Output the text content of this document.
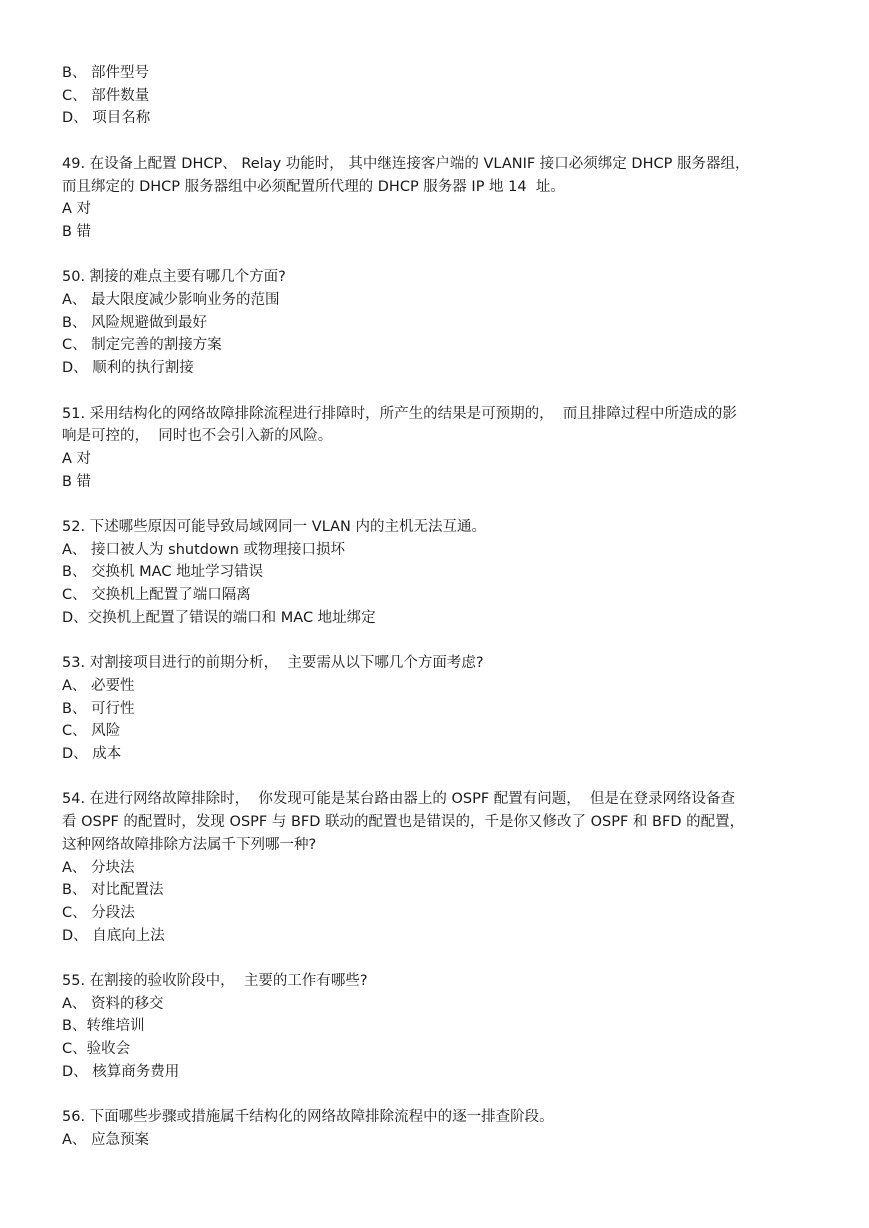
B、 部件型号
C、 部件数量
D、 项目名称
49. 在设备上配置 DHCP、 Relay 功能时， 其中继连接客户端的 VLANIF 接口必须绑定 DHCP 服务器组，
而且绑定的 DHCP 服务器组中必须配置所代理的 DHCP 服务器 IP 地 14  址。
A 对
B 错
50. 割接的难点主要有哪几个方面?
A、 最大限度减少影响业务的范围
B、 风险规避做到最好
C、 制定完善的割接方案
D、 顺利的执行割接
51. 采用结构化的网络故障排除流程进行排障时，所产生的结果是可预期的，  而且排障过程中所造成的影
响是可控的，  同时也不会引入新的风险。
A 对
B 错
52. 下述哪些原因可能导致局域网同一 VLAN 内的主机无法互通。
A、 接口被人为 shutdown 或物理接口损坏
B、 交换机 MAC 地址学习错误
C、 交换机上配置了端口隔离
D、交换机上配置了错误的端口和 MAC 地址绑定
53. 对割接项目进行的前期分析，  主要需从以下哪几个方面考虑?
A、 必要性
B、 可行性
C、 风险
D、 成本
54. 在进行网络故障排除时，  你发现可能是某台路由器上的 OSPF 配置有问题，  但是在登录网络设备查
看 OSPF 的配置时，发现 OSPF 与 BFD 联动的配置也是错误的，千是你又修改了 OSPF 和 BFD 的配置，
这种网络故障排除方法属千下列哪一种?
A、 分块法
B、 对比配置法
C、 分段法
D、 自底向上法
55. 在割接的验收阶段中，  主要的工作有哪些?
A、 资料的移交
B、转维培训
C、验收会
D、 核算商务费用
56. 下面哪些步骤或措施属千结构化的网络故障排除流程中的逐一排查阶段。
A、 应急预案
